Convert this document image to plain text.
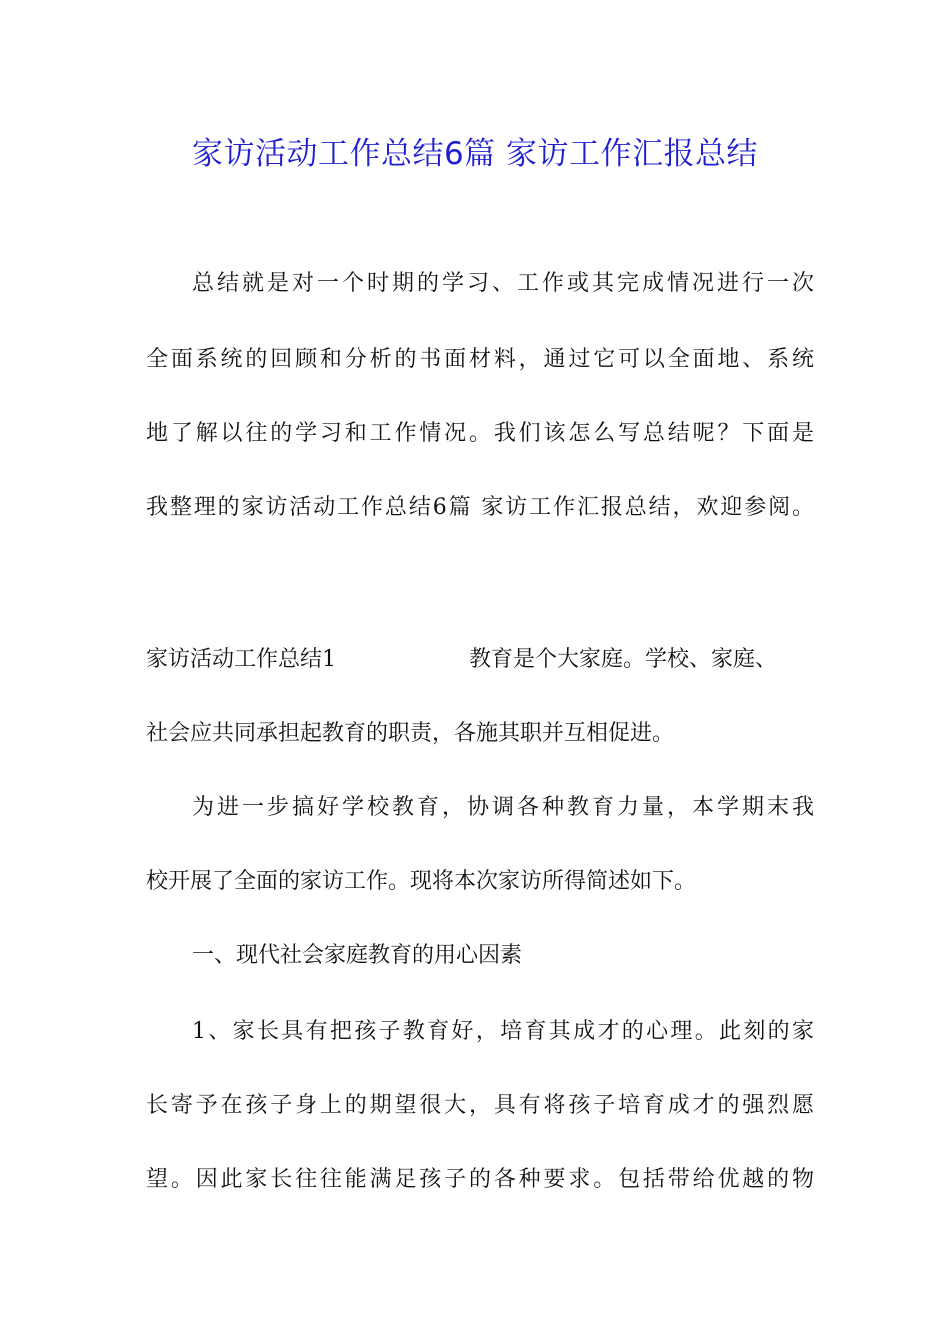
家访活动工作总结6篇 家访工作汇报总结
总结就是对一个时期的学习、工作或其完成情况进行一次
全面系统的回顾和分析的书面材料，通过它可以全面地、系统
地了解以往的学习和工作情况。我们该怎么写总结呢？下面是
我整理的家访活动工作总结6篇 家访工作汇报总结，欢迎参阅。
家访活动工作总结1	教育是个大家庭。学校、家庭、
社会应共同承担起教育的职责，各施其职并互相促进。
为进一步搞好学校教育，协调各种教育力量，本学期末我
校开展了全面的家访工作。现将本次家访所得简述如下。
一、现代社会家庭教育的用心因素
1、家长具有把孩子教育好，培育其成才的心理。此刻的家
长寄予在孩子身上的期望很大，具有将孩子培育成才的强烈愿
望。因此家长往往能满足孩子的各种要求。包括带给优越的物
